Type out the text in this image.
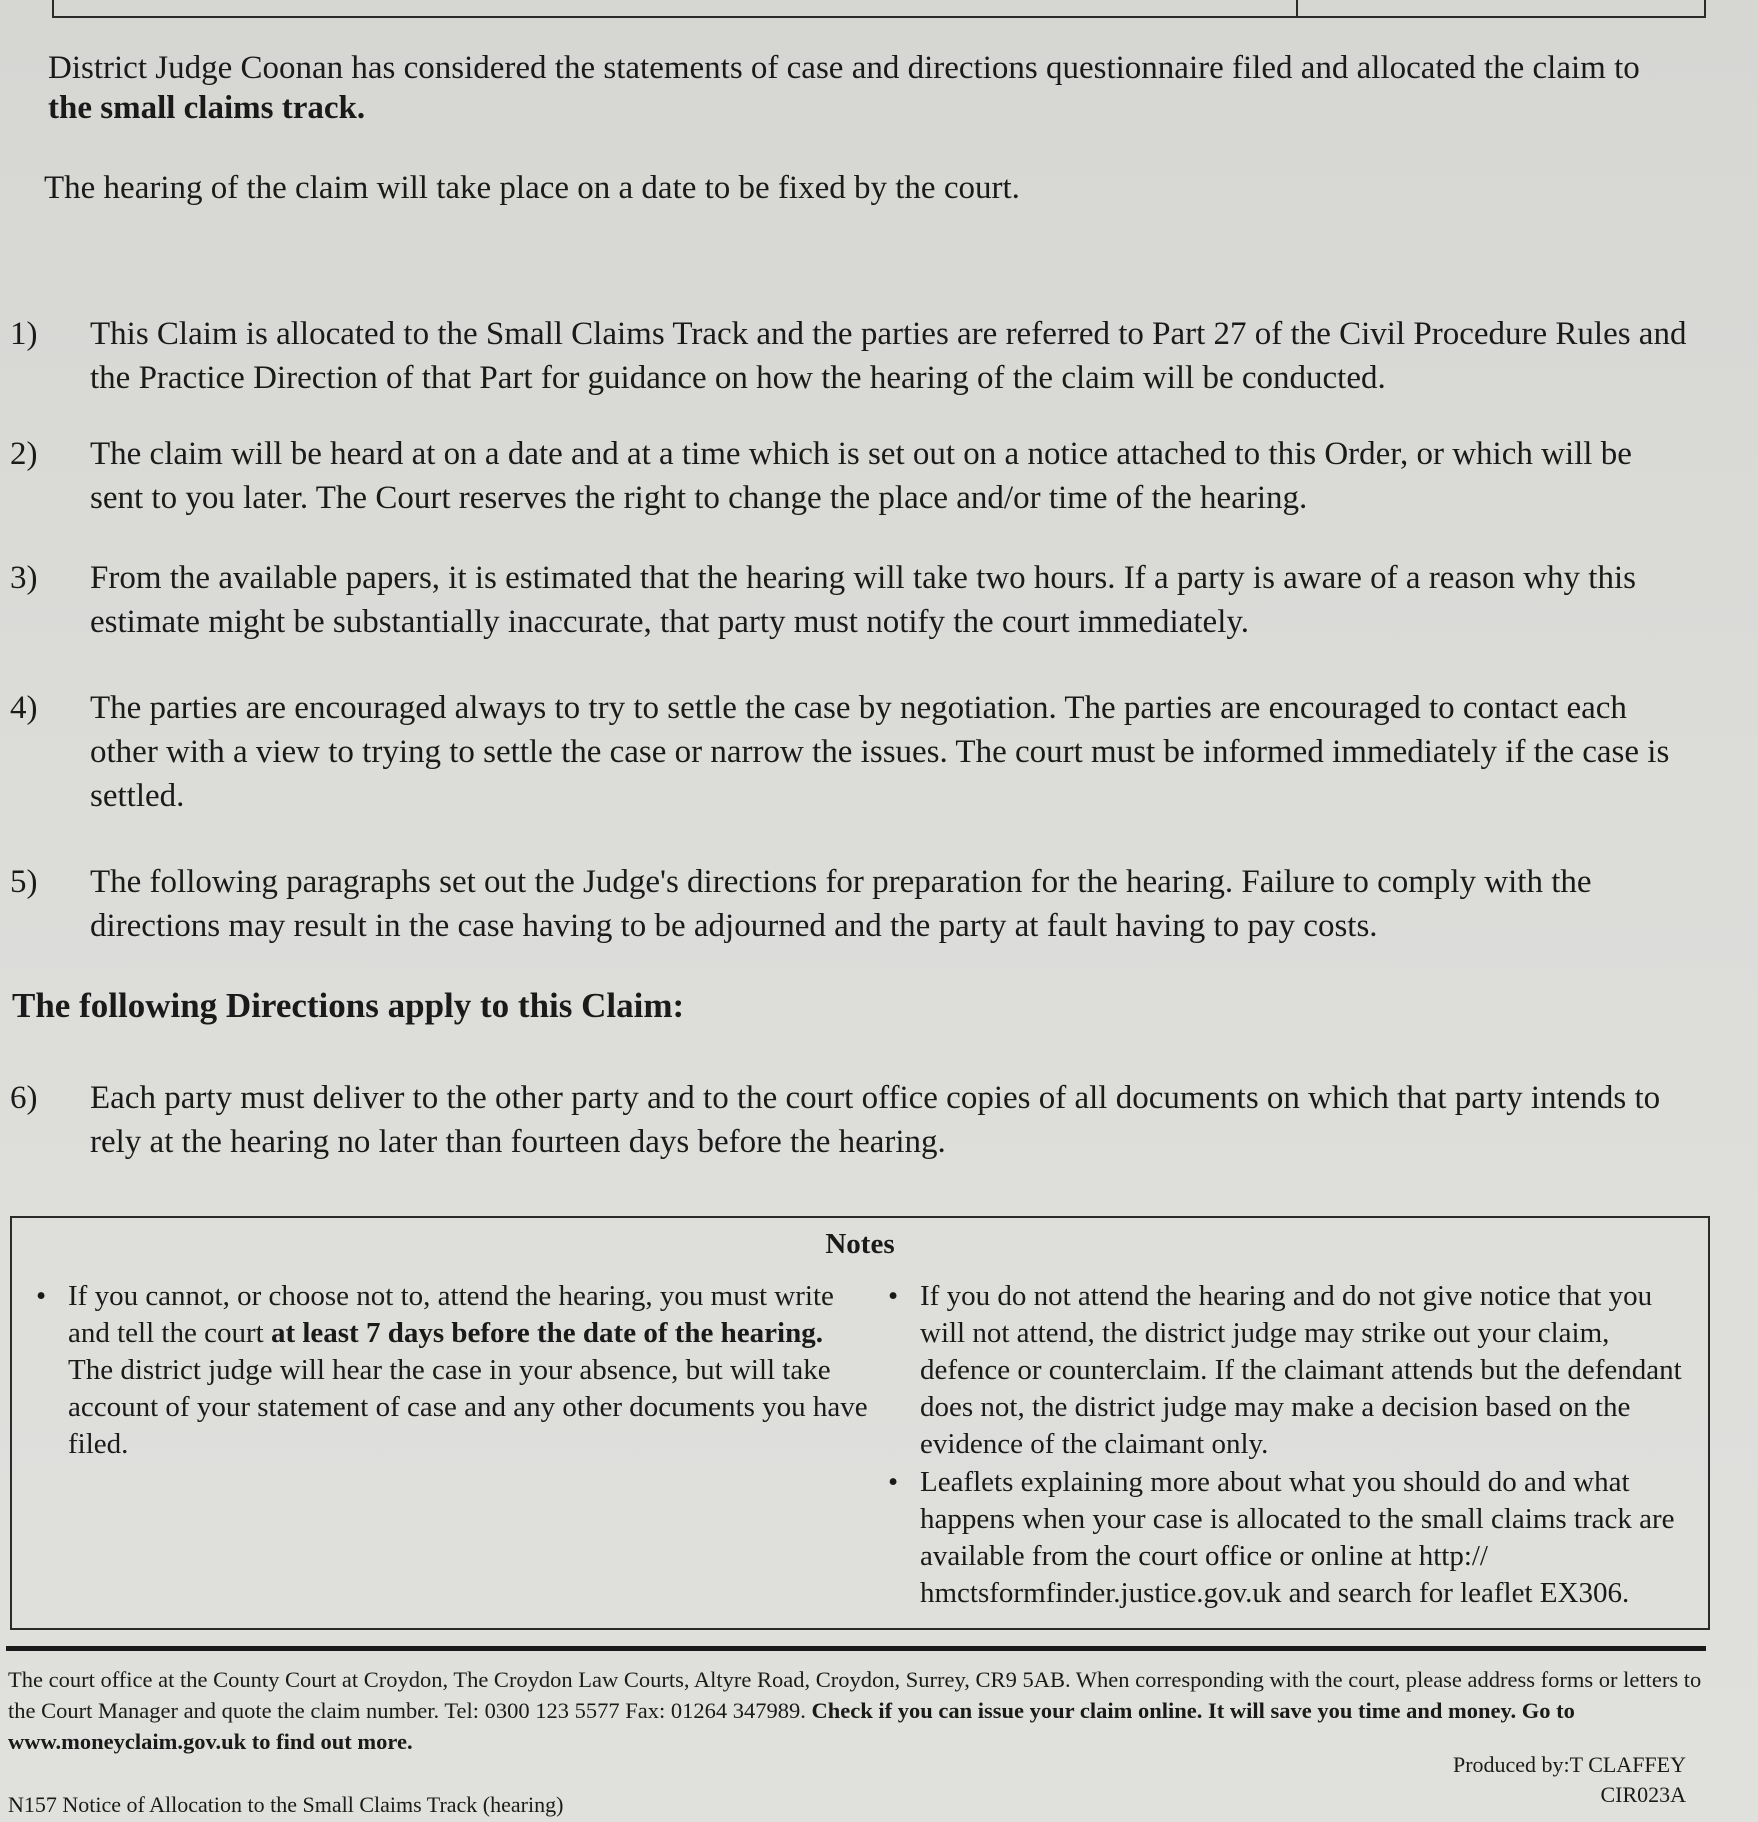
District Judge Coonan has considered the statements of case and directions questionnaire filed and allocated the claim to the small claims track.

The hearing of the claim will take place on a date to be fixed by the court.

1)	This Claim is allocated to the Small Claims Track and the parties are referred to Part 27 of the Civil Procedure Rules and the Practice Direction of that Part for guidance on how the hearing of the claim will be conducted.
2)	The claim will be heard at on a date and at a time which is set out on a notice attached to this Order, or which will be sent to you later. The Court reserves the right to change the place and/or time of the hearing.
3)	From the available papers, it is estimated that the hearing will take two hours. If a party is aware of a reason why this estimate might be substantially inaccurate, that party must notify the court immediately.
4)	The parties are encouraged always to try to settle the case by negotiation. The parties are encouraged to contact each other with a view to trying to settle the case or narrow the issues. The court must be informed immediately if the case is settled.
5)	The following paragraphs set out the Judge's directions for preparation for the hearing. Failure to comply with the directions may result in the case having to be adjourned and the party at fault having to pay costs.
The following Directions apply to this Claim:
6)	Each party must deliver to the other party and to the court office copies of all documents on which that party intends to rely at the hearing no later than fourteen days before the hearing.
Notes
• If you cannot, or choose not to, attend the hearing, you must write and tell the court at least 7 days before the date of the hearing. The district judge will hear the case in your absence, but will take account of your statement of case and any other documents you have filed.
• If you do not attend the hearing and do not give notice that you will not attend, the district judge may strike out your claim, defence or counterclaim. If the claimant attends but the defendant does not, the district judge may make a decision based on the evidence of the claimant only.
• Leaflets explaining more about what you should do and what happens when your case is allocated to the small claims track are available from the court office or online at http:// hmctsformfinder.justice.gov.uk and search for leaflet EX306.
The court office at the County Court at Croydon, The Croydon Law Courts, Altyre Road, Croydon, Surrey, CR9 5AB. When corresponding with the court, please address forms or letters to the Court Manager and quote the claim number. Tel: 0300 123 5577 Fax: 01264 347989. Check if you can issue your claim online. It will save you time and money. Go to www.moneyclaim.gov.uk to find out more.
Produced by:T CLAFFEY
CIR023A
N157 Notice of Allocation to the Small Claims Track (hearing)
